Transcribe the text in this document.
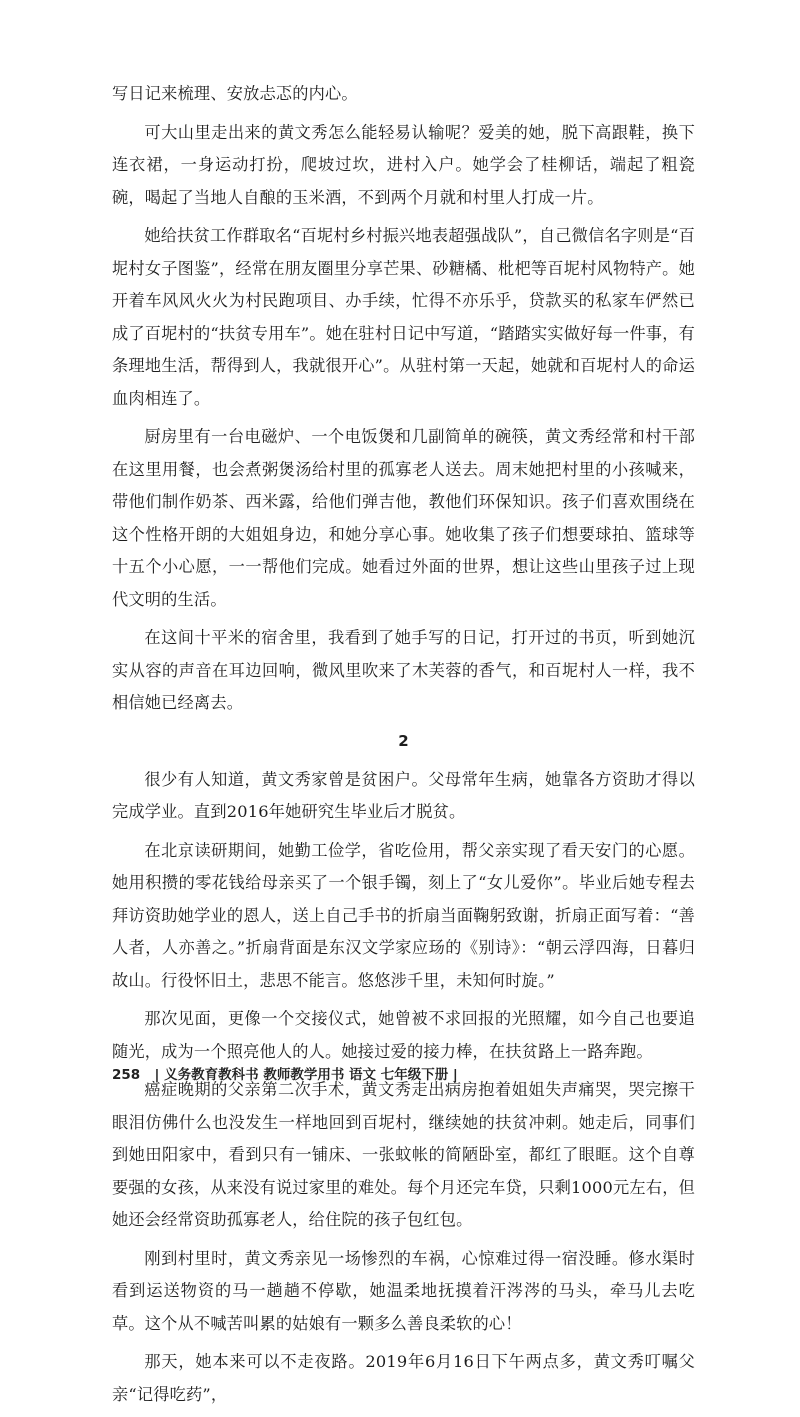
写日记来梳理、安放忐忑的内心。

可大山里走出来的黄文秀怎么能轻易认输呢？爱美的她，脱下高跟鞋，换下连衣裙，一身运动打扮，爬坡过坎，进村入户。她学会了桂柳话，端起了粗瓷碗，喝起了当地人自酿的玉米酒，不到两个月就和村里人打成一片。

她给扶贫工作群取名“百坭村乡村振兴地表超强战队”，自己微信名字则是“百坭村女子图鉴”，经常在朋友圈里分享芒果、砂糖橘、枇杷等百坭村风物特产。她开着车风风火火为村民跑项目、办手续，忙得不亦乐乎，贷款买的私家车俨然已成了百坭村的“扶贫专用车”。她在驻村日记中写道，“踏踏实实做好每一件事，有条理地生活，帮得到人，我就很开心”。从驻村第一天起，她就和百坭村人的命运血肉相连了。

厨房里有一台电磁炉、一个电饭煲和几副简单的碗筷，黄文秀经常和村干部在这里用餐，也会煮粥煲汤给村里的孤寡老人送去。周末她把村里的小孩喊来，带他们制作奶茶、西米露，给他们弹吉他，教他们环保知识。孩子们喜欢围绕在这个性格开朗的大姐姐身边，和她分享心事。她收集了孩子们想要球拍、篮球等十五个小心愿，一一帮他们完成。她看过外面的世界，想让这些山里孩子过上现代文明的生活。

在这间十平米的宿舍里，我看到了她手写的日记，打开过的书页，听到她沉实从容的声音在耳边回响，微风里吹来了木芙蓉的香气，和百坭村人一样，我不相信她已经离去。

2

很少有人知道，黄文秀家曾是贫困户。父母常年生病，她靠各方资助才得以完成学业。直到2016年她研究生毕业后才脱贫。

在北京读研期间，她勤工俭学，省吃俭用，帮父亲实现了看天安门的心愿。她用积攒的零花钱给母亲买了一个银手镯，刻上了“女儿爱你”。毕业后她专程去拜访资助她学业的恩人，送上自己手书的折扇当面鞠躬致谢，折扇正面写着：“善人者，人亦善之。”折扇背面是东汉文学家应玚的《别诗》：“朝云浮四海，日暮归故山。行役怀旧土，悲思不能言。悠悠涉千里，未知何时旋。”

那次见面，更像一个交接仪式，她曾被不求回报的光照耀，如今自己也要追随光，成为一个照亮他人的人。她接过爱的接力棒，在扶贫路上一路奔跑。

癌症晚期的父亲第二次手术，黄文秀走出病房抱着姐姐失声痛哭，哭完擦干眼泪仿佛什么也没发生一样地回到百坭村，继续她的扶贫冲刺。她走后，同事们到她田阳家中，看到只有一铺床、一张蚊帐的简陋卧室，都红了眼眶。这个自尊要强的女孩，从来没有说过家里的难处。每个月还完车贷，只剩1000元左右，但她还会经常资助孤寡老人，给住院的孩子包红包。

刚到村里时，黄文秀亲见一场惨烈的车祸，心惊难过得一宿没睡。修水渠时看到运送物资的马一趟趟不停歇，她温柔地抚摸着汗涔涔的马头，牵马儿去吃草。这个从不喊苦叫累的姑娘有一颗多么善良柔软的心！

那天，她本来可以不走夜路。2019年6月16日下午两点多，黄文秀叮嘱父亲“记得吃药”，

258 | 义务教育教科书 教师教学用书 语文 七年级下册 |
